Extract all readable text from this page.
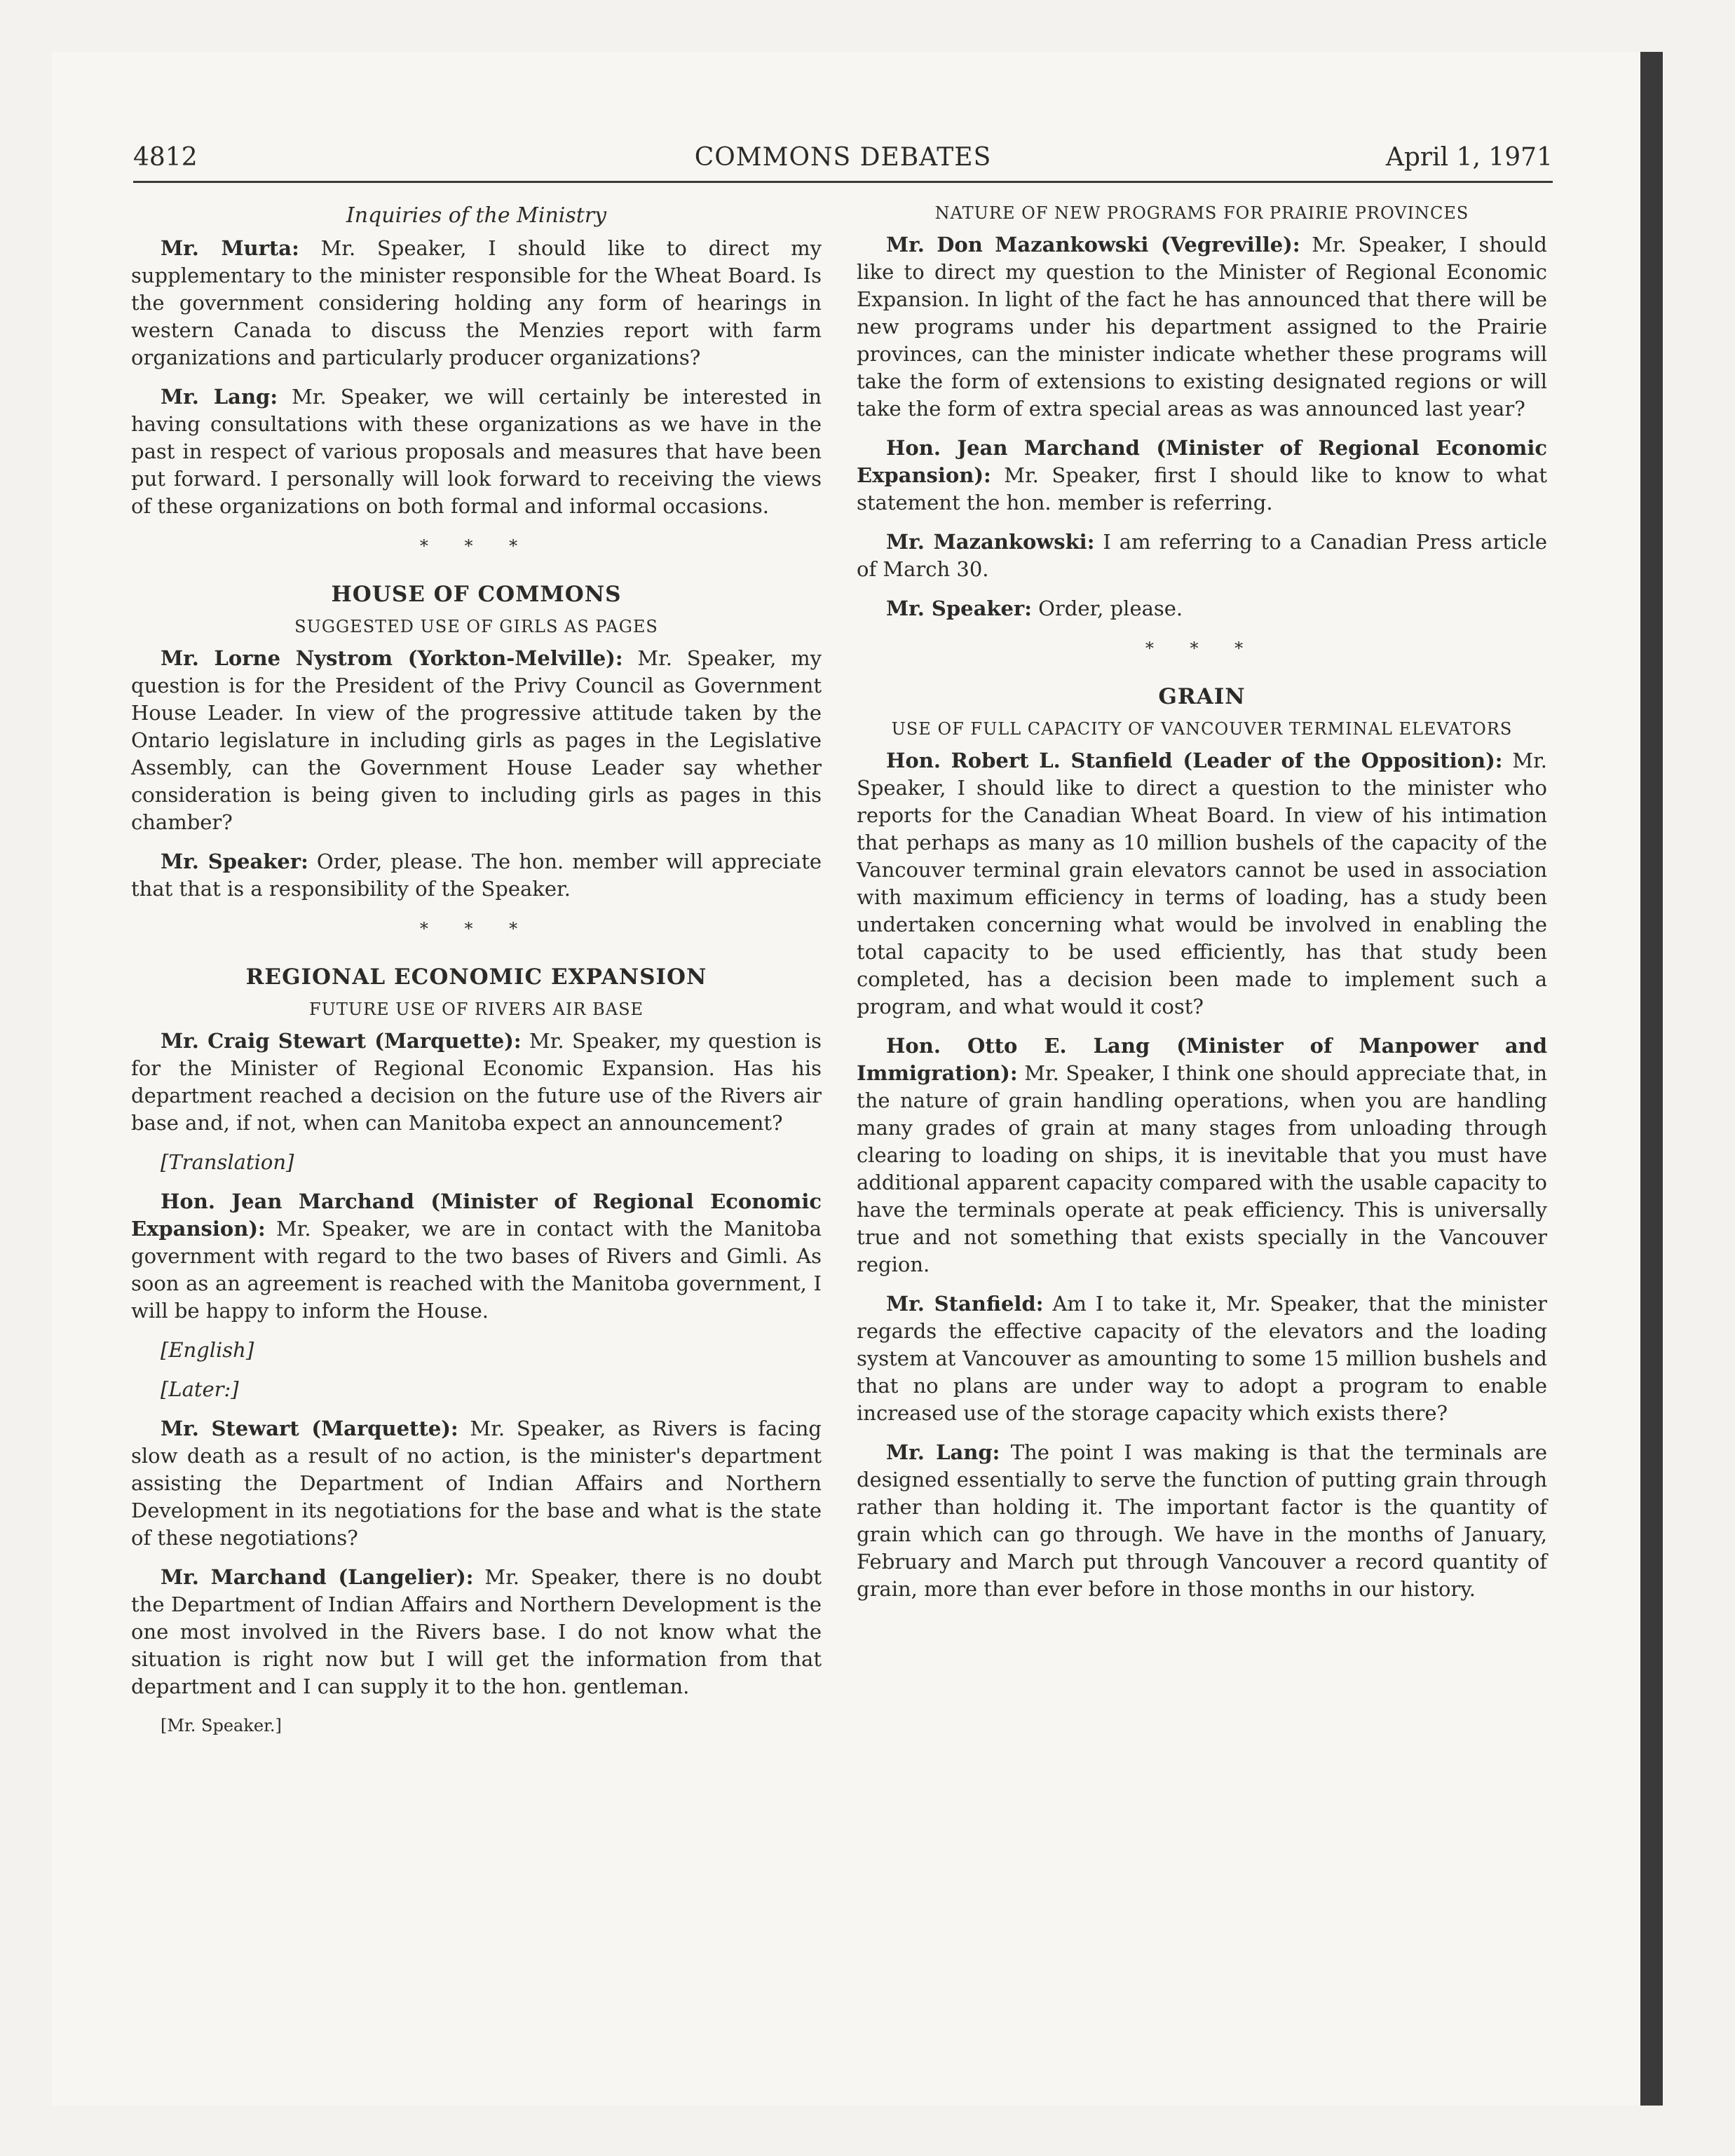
4812	COMMONS DEBATES	April 1, 1971
Inquiries of the Ministry

Mr. Murta: Mr. Speaker, I should like to direct my supplementary to the minister responsible for the Wheat Board. Is the government considering holding any form of hearings in western Canada to discuss the Menzies report with farm organizations and particularly producer organizations?

Mr. Lang: Mr. Speaker, we will certainly be interested in having consultations with these organizations as we have in the past in respect of various proposals and measures that have been put forward. I personally will look forward to receiving the views of these organizations on both formal and informal occasions.

* * *
HOUSE OF COMMONS
SUGGESTED USE OF GIRLS AS PAGES

Mr. Lorne Nystrom (Yorkton-Melville): Mr. Speaker, my question is for the President of the Privy Council as Government House Leader. In view of the progressive attitude taken by the Ontario legislature in including girls as pages in the Legislative Assembly, can the Government House Leader say whether consideration is being given to including girls as pages in this chamber?

Mr. Speaker: Order, please. The hon. member will appreciate that that is a responsibility of the Speaker.

* * *
REGIONAL ECONOMIC EXPANSION
FUTURE USE OF RIVERS AIR BASE

Mr. Craig Stewart (Marquette): Mr. Speaker, my question is for the Minister of Regional Economic Expansion. Has his department reached a decision on the future use of the Rivers air base and, if not, when can Manitoba expect an announcement?

[Translation]

Hon. Jean Marchand (Minister of Regional Economic Expansion): Mr. Speaker, we are in contact with the Manitoba government with regard to the two bases of Rivers and Gimli. As soon as an agreement is reached with the Manitoba government, I will be happy to inform the House.

[English]

[Later:]

Mr. Stewart (Marquette): Mr. Speaker, as Rivers is facing slow death as a result of no action, is the minister's department assisting the Department of Indian Affairs and Northern Development in its negotiations for the base and what is the state of these negotiations?

Mr. Marchand (Langelier): Mr. Speaker, there is no doubt the Department of Indian Affairs and Northern Development is the one most involved in the Rivers base. I do not know what the situation is right now but I will get the information from that department and I can supply it to the hon. gentleman.

[Mr. Speaker.]

NATURE OF NEW PROGRAMS FOR PRAIRIE PROVINCES

Mr. Don Mazankowski (Vegreville): Mr. Speaker, I should like to direct my question to the Minister of Regional Economic Expansion. In light of the fact he has announced that there will be new programs under his department assigned to the Prairie provinces, can the minister indicate whether these programs will take the form of extensions to existing designated regions or will take the form of extra special areas as was announced last year?

Hon. Jean Marchand (Minister of Regional Economic Expansion): Mr. Speaker, first I should like to know to what statement the hon. member is referring.

Mr. Mazankowski: I am referring to a Canadian Press article of March 30.

Mr. Speaker: Order, please.

* * *
GRAIN
USE OF FULL CAPACITY OF VANCOUVER TERMINAL ELEVATORS

Hon. Robert L. Stanfield (Leader of the Opposition): Mr. Speaker, I should like to direct a question to the minister who reports for the Canadian Wheat Board. In view of his intimation that perhaps as many as 10 million bushels of the capacity of the Vancouver terminal grain elevators cannot be used in association with maximum efficiency in terms of loading, has a study been undertaken concerning what would be involved in enabling the total capacity to be used efficiently, has that study been completed, has a decision been made to implement such a program, and what would it cost?

Hon. Otto E. Lang (Minister of Manpower and Immigration): Mr. Speaker, I think one should appreciate that, in the nature of grain handling operations, when you are handling many grades of grain at many stages from unloading through clearing to loading on ships, it is inevitable that you must have additional apparent capacity compared with the usable capacity to have the terminals operate at peak efficiency. This is universally true and not something that exists specially in the Vancouver region.

Mr. Stanfield: Am I to take it, Mr. Speaker, that the minister regards the effective capacity of the elevators and the loading system at Vancouver as amounting to some 15 million bushels and that no plans are under way to adopt a program to enable increased use of the storage capacity which exists there?

Mr. Lang: The point I was making is that the terminals are designed essentially to serve the function of putting grain through rather than holding it. The important factor is the quantity of grain which can go through. We have in the months of January, February and March put through Vancouver a record quantity of grain, more than ever before in those months in our history.
